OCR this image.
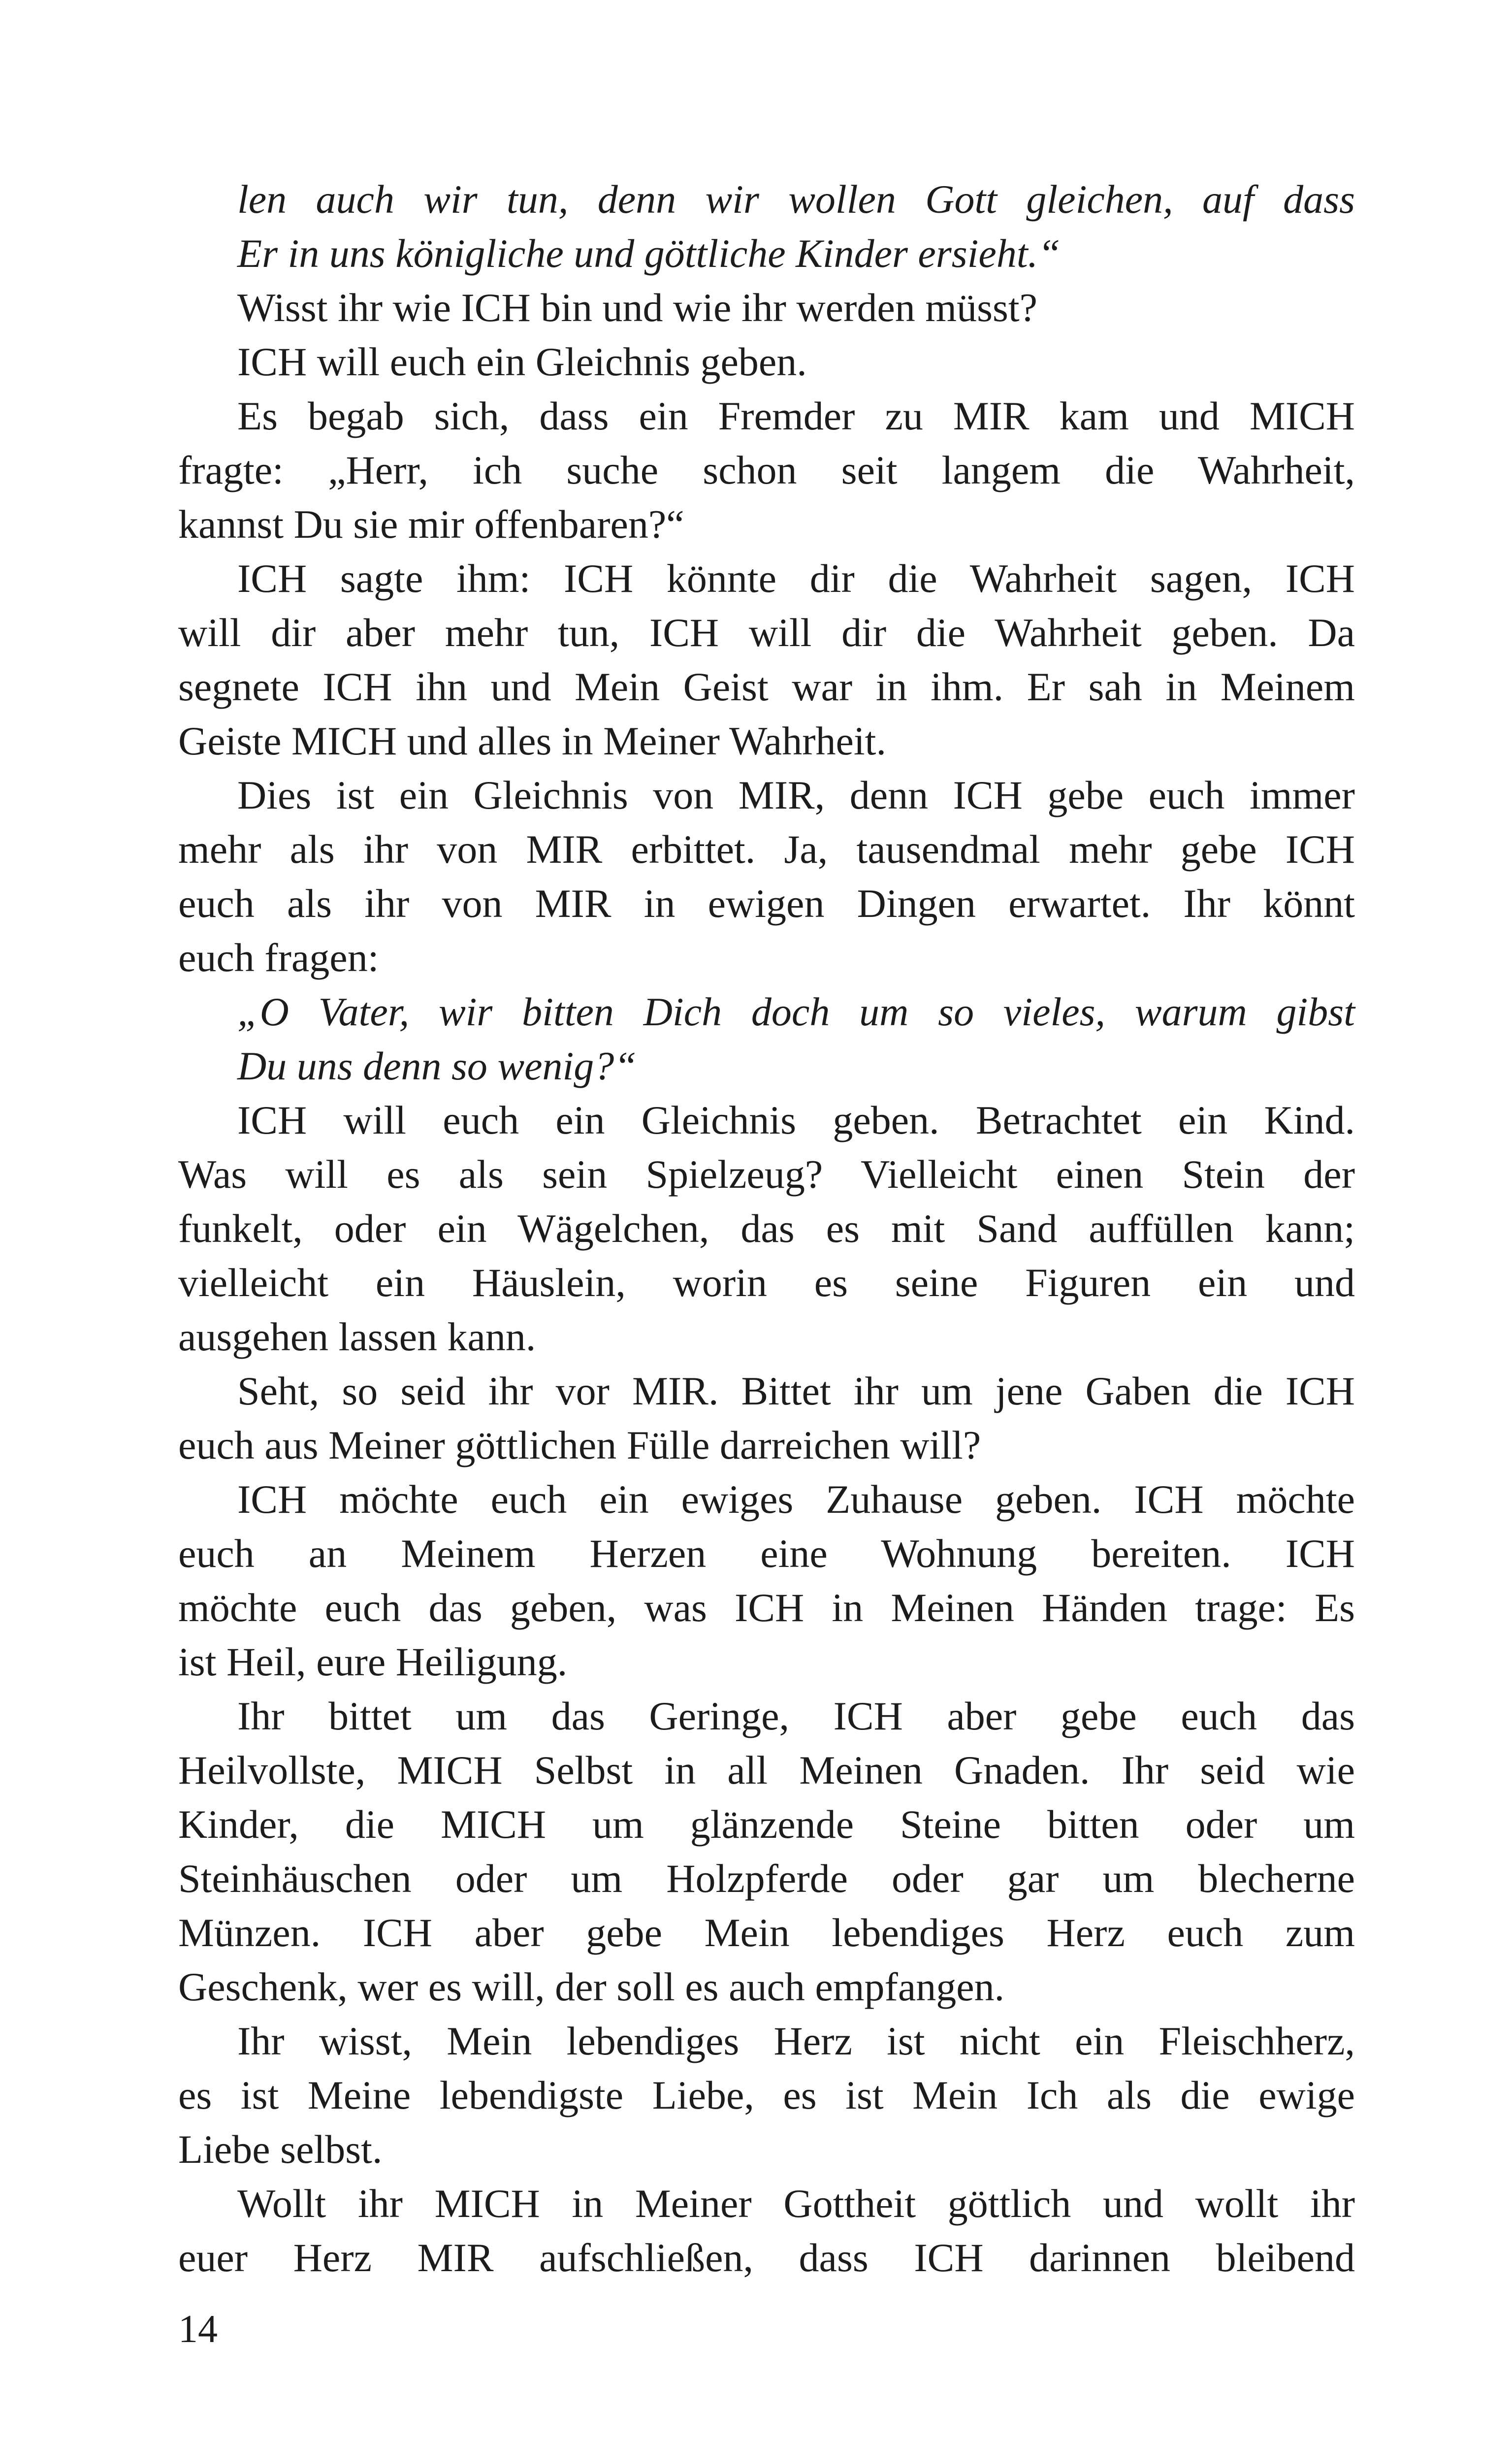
len auch wir tun, denn wir wollen Gott gleichen, auf dass
Er in uns königliche und göttliche Kinder ersieht.“
Wisst ihr wie ICH bin und wie ihr werden müsst?
ICH will euch ein Gleichnis geben.
Es begab sich, dass ein Fremder zu MIR kam und MICH
fragte: „Herr, ich suche schon seit langem die Wahrheit,
kannst Du sie mir offenbaren?“
ICH sagte ihm: ICH könnte dir die Wahrheit sagen, ICH
will dir aber mehr tun, ICH will dir die Wahrheit geben. Da
segnete ICH ihn und Mein Geist war in ihm. Er sah in Meinem
Geiste MICH und alles in Meiner Wahrheit.
Dies ist ein Gleichnis von MIR, denn ICH gebe euch immer
mehr als ihr von MIR erbittet. Ja, tausendmal mehr gebe ICH
euch als ihr von MIR in ewigen Dingen erwartet. Ihr könnt
euch fragen:
„O Vater, wir bitten Dich doch um so vieles, warum gibst
Du uns denn so wenig?“
ICH will euch ein Gleichnis geben. Betrachtet ein Kind.
Was will es als sein Spielzeug? Vielleicht einen Stein der
funkelt, oder ein Wägelchen, das es mit Sand auffüllen kann;
vielleicht ein Häuslein, worin es seine Figuren ein und
ausgehen lassen kann.
Seht, so seid ihr vor MIR. Bittet ihr um jene Gaben die ICH
euch aus Meiner göttlichen Fülle darreichen will?
ICH möchte euch ein ewiges Zuhause geben. ICH möchte
euch an Meinem Herzen eine Wohnung bereiten. ICH
möchte euch das geben, was ICH in Meinen Händen trage: Es
ist Heil, eure Heiligung.
Ihr bittet um das Geringe, ICH aber gebe euch das
Heilvollste, MICH Selbst in all Meinen Gnaden. Ihr seid wie
Kinder, die MICH um glänzende Steine bitten oder um
Steinhäuschen oder um Holzpferde oder gar um blecherne
Münzen. ICH aber gebe Mein lebendiges Herz euch zum
Geschenk, wer es will, der soll es auch empfangen.
Ihr wisst, Mein lebendiges Herz ist nicht ein Fleischherz,
es ist Meine lebendigste Liebe, es ist Mein Ich als die ewige
Liebe selbst.
Wollt ihr MICH in Meiner Gottheit göttlich und wollt ihr
euer Herz MIR aufschließen, dass ICH darinnen bleibend
14
